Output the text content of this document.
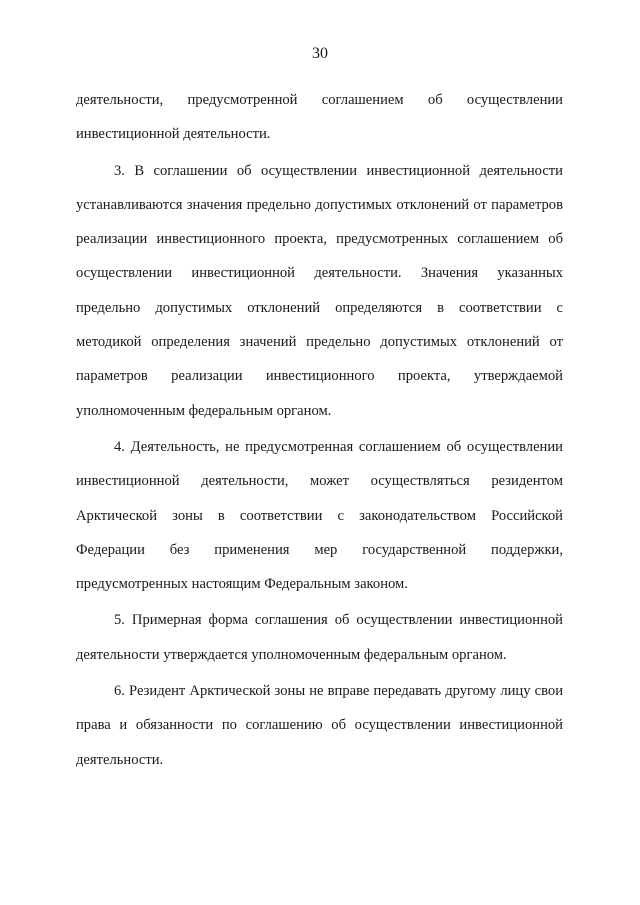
30

деятельности, предусмотренной соглашением об осуществлении инвестиционной деятельности.

3. В соглашении об осуществлении инвестиционной деятельности устанавливаются значения предельно допустимых отклонений от параметров реализации инвестиционного проекта, предусмотренных соглашением об осуществлении инвестиционной деятельности. Значения указанных предельно допустимых отклонений определяются в соответствии с методикой определения значений предельно допустимых отклонений от параметров реализации инвестиционного проекта, утверждаемой уполномоченным федеральным органом.

4. Деятельность, не предусмотренная соглашением об осуществлении инвестиционной деятельности, может осуществляться резидентом Арктической зоны в соответствии с законодательством Российской Федерации без применения мер государственной поддержки, предусмотренных настоящим Федеральным законом.

5. Примерная форма соглашения об осуществлении инвестиционной деятельности утверждается уполномоченным федеральным органом.

6. Резидент Арктической зоны не вправе передавать другому лицу свои права и обязанности по соглашению об осуществлении инвестиционной деятельности.
